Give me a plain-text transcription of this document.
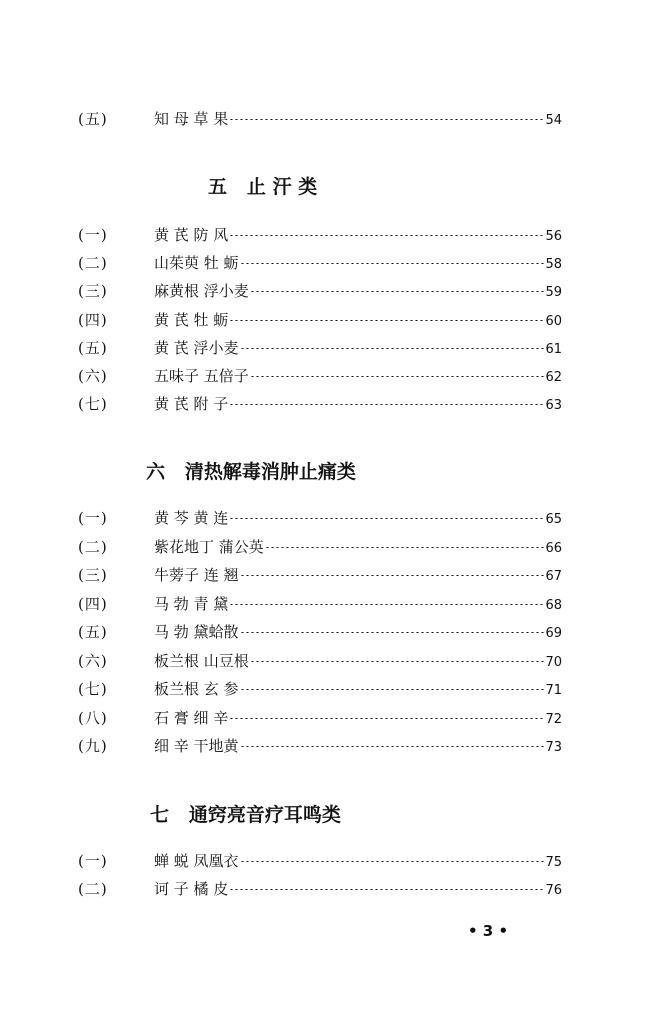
(五)	知 母 草 果	54
五   止 汗 类
(一)	黄 芪 防 风	56
(二)	山茱萸 牡 蛎	58
(三)	麻黄根 浮小麦	59
(四)	黄 芪 牡 蛎	60
(五)	黄 芪 浮小麦	61
(六)	五味子 五倍子	62
(七)	黄 芪 附 子	63
六   清热解毒消肿止痛类
(一)	黄 芩 黄 连	65
(二)	紫花地丁 蒲公英	66
(三)	牛蒡子 连 翘	67
(四)	马 勃 青 黛	68
(五)	马 勃 黛蛤散	69
(六)	板兰根 山豆根	70
(七)	板兰根 玄 参	71
(八)	石 膏 细 辛	72
(九)	细 辛 干地黄	73
七   通窍亮音疗耳鸣类
(一)	蝉 蜕 凤凰衣	75
(二)	诃 子 橘 皮	76
• 3 •
